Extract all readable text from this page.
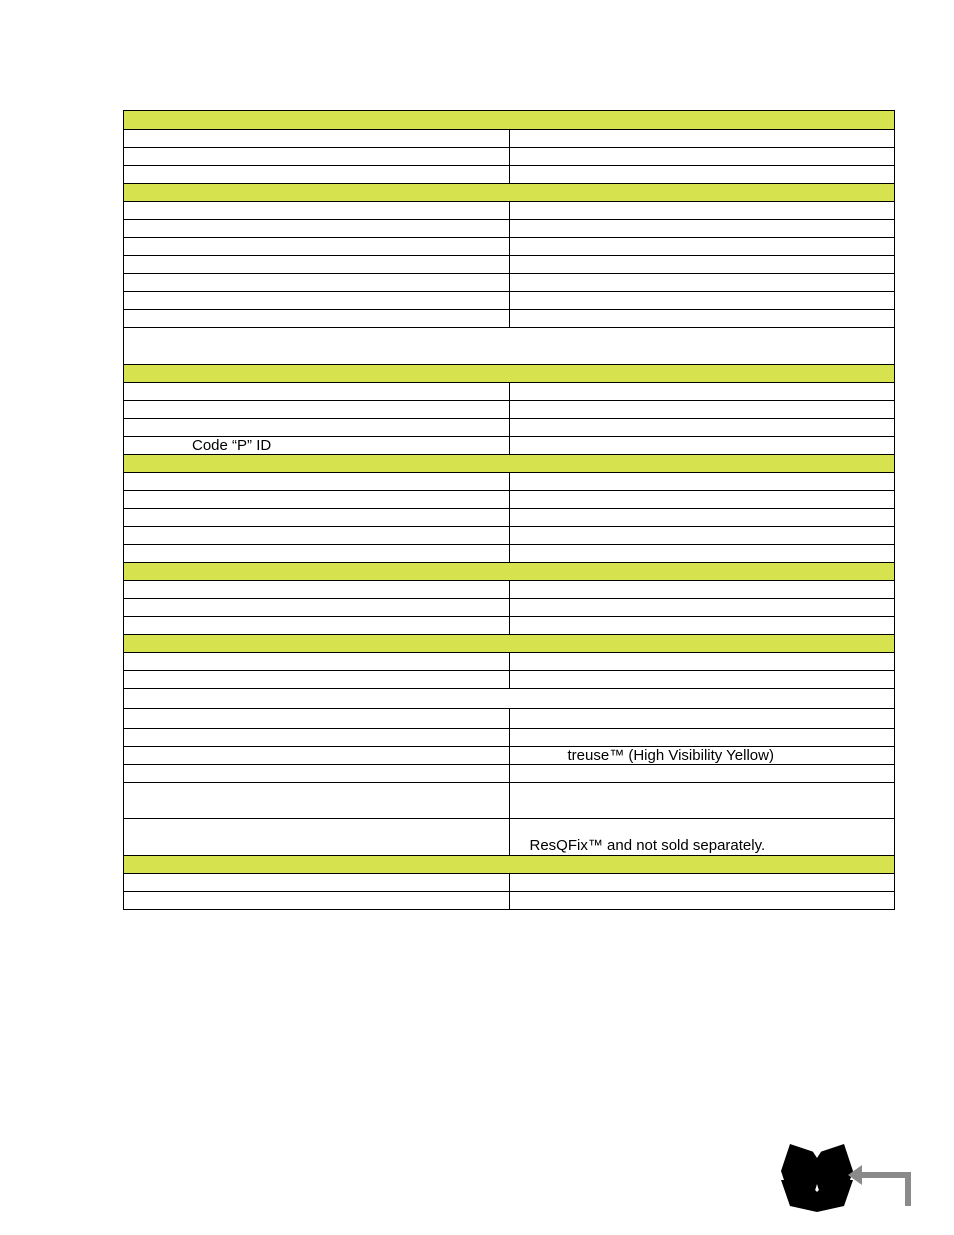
Code “P” ID	

	treuse™ (High Visibility Yellow)

	ResQFix™ and not sold separately.
